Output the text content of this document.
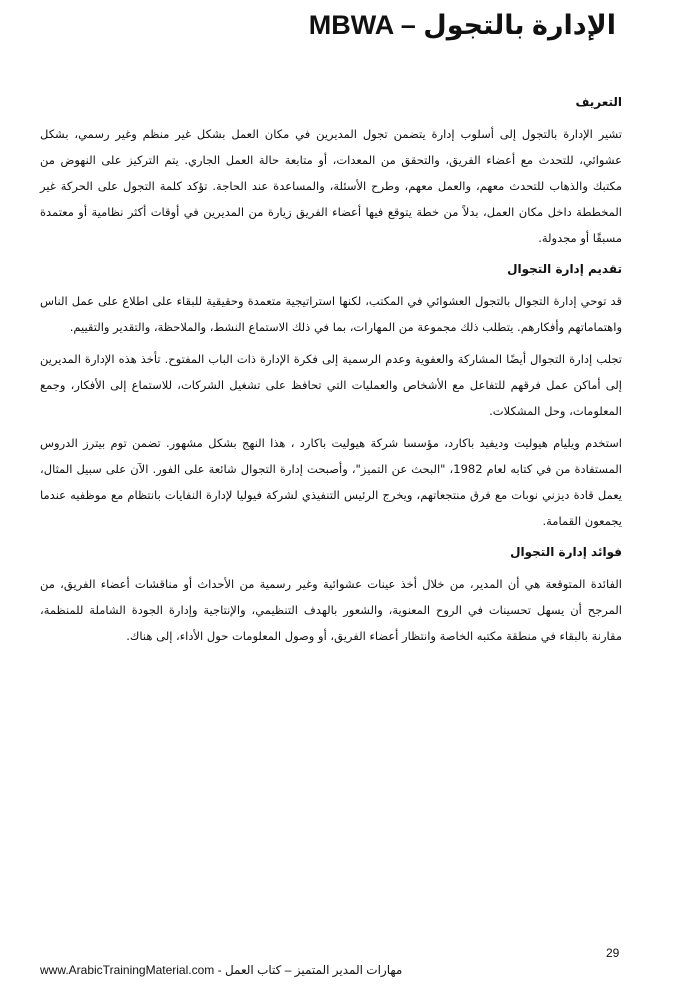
MBWA – الإدارة بالتجول
التعريف

تشير الإدارة بالتجول إلى أسلوب إدارة يتضمن تجول المديرين في مكان العمل بشكل غير منظم وغير رسمي، بشكل عشوائي، للتحدث مع أعضاء الفريق، والتحقق من المعدات، أو متابعة حالة العمل الجاري. يتم التركيز على النهوض من مكتبك والذهاب للتحدث معهم، والعمل معهم، وطرح الأسئلة، والمساعدة عند الحاجة. تؤكد كلمة التجول على الحركة غير المخططة داخل مكان العمل، بدلاً من خطة يتوقع فيها أعضاء الفريق زيارة من المديرين في أوقات أكثر نظامية أو معتمدة مسبقًا أو مجدولة.

تقديم إدارة التجوال

قد توحي إدارة التجوال بالتجول العشوائي في المكتب، لكنها استراتيجية متعمدة وحقيقية للبقاء على اطلاع على عمل الناس واهتماماتهم وأفكارهم. يتطلب ذلك مجموعة من المهارات، بما في ذلك الاستماع النشط، والملاحظة، والتقدير والتقييم.

تجلب إدارة التجوال أيضًا المشاركة والعفوية وعدم الرسمية إلى فكرة الإدارة ذات الباب المفتوح. تأخذ هذه الإدارة المديرين إلى أماكن عمل فرقهم للتفاعل مع الأشخاص والعمليات التي تحافظ على تشغيل الشركات، للاستماع إلى الأفكار، وجمع المعلومات، وحل المشكلات.

استخدم ويليام هيوليت وديفيد باكارد، مؤسسا شركة هيوليت باكارد ، هذا النهج بشكل مشهور. تضمن توم بيترز الدروس المستفادة من في كتابه لعام 1982، "البحث عن التميز"، وأصبحت إدارة التجوال شائعة على الفور. الآن على سبيل المثال، يعمل قادة ديزني نوبات مع فرق منتجعاتهم، ويخرج الرئيس التنفيذي لشركة فيوليا لإدارة النفايات بانتظام مع موظفيه عندما يجمعون القمامة.

فوائد إدارة التجوال

الفائدة المتوقعة هي أن المدير، من خلال أخذ عينات عشوائية وغير رسمية من الأحداث أو مناقشات أعضاء الفريق، من المرجح أن يسهل تحسينات في الروح المعنوية، والشعور بالهدف التنظيمي، والإنتاجية وإدارة الجودة الشاملة للمنظمة، مقارنة بالبقاء في منطقة مكتبه الخاصة وانتظار أعضاء الفريق، أو وصول المعلومات حول الأداء، إلى هناك.

29
مهارات المدير المتميز – كتاب العمل - www.ArabicTrainingMaterial.com
